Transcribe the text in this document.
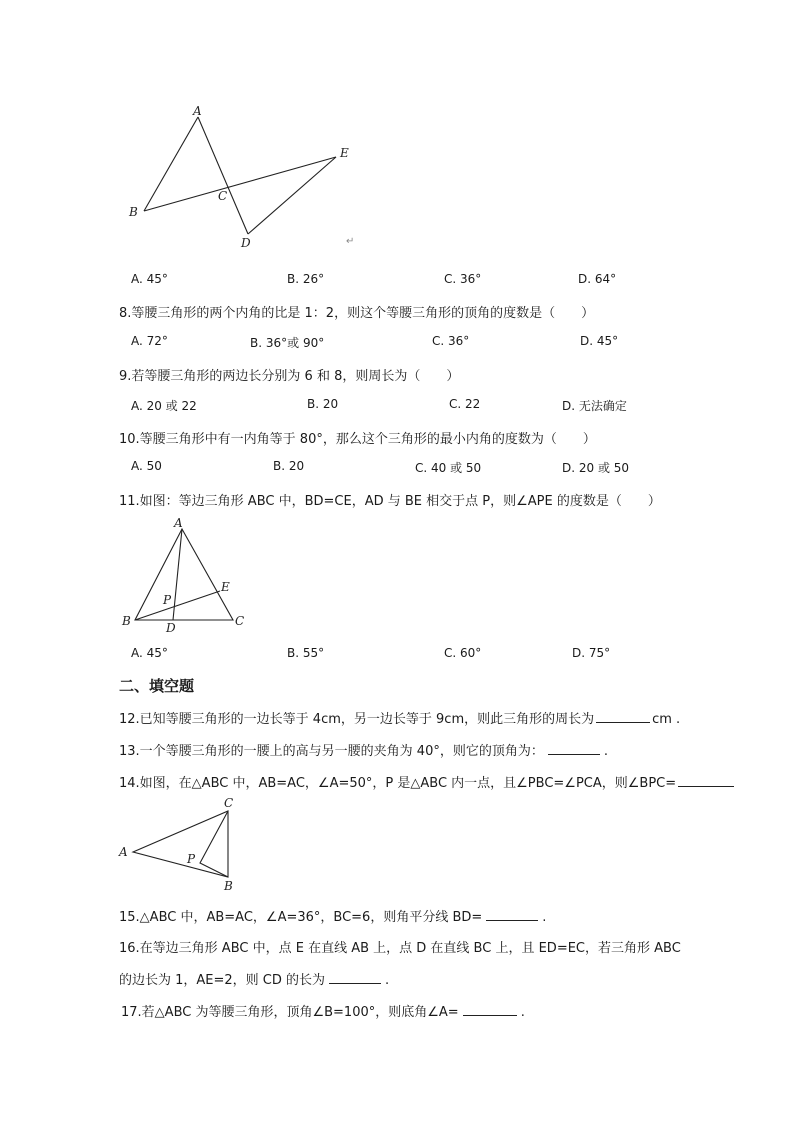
A
B
C
D
E
↵
A. 45°	B. 26°	C. 36°	D. 64°
8.等腰三角形的两个内角的比是 1：2，则这个等腰三角形的顶角的度数是（　　）
A. 72°	B. 36°或 90°	C. 36°	D. 45°
9.若等腰三角形的两边长分别为 6 和 8，则周长为（　　）
A. 20 或 22	B. 20	C. 22	D. 无法确定
10.等腰三角形中有一内角等于 80°，那么这个三角形的最小内角的度数为（　　）
A. 50	B. 20	C. 40 或 50	D. 20 或 50
11.如图：等边三角形 ABC 中，BD=CE，AD 与 BE 相交于点 P，则∠APE 的度数是（　　）
A
B	C
D
E
P
A. 45°	B. 55°	C. 60°	D. 75°
二、填空题
12.已知等腰三角形的一边长等于 4cm，另一边长等于 9cm，则此三角形的周长为	cm .
13.一个等腰三角形的一腰上的高与另一腰的夹角为 40°，则它的顶角为：	.
14.如图，在△ABC 中，AB=AC，∠A=50°，P 是△ABC 内一点，且∠PBC=∠PCA，则∠BPC=
A
B
C
P
15.△ABC 中，AB=AC，∠A=36°，BC=6，则角平分线 BD=	.
16.在等边三角形 ABC 中，点 E 在直线 AB 上，点 D 在直线 BC 上，且 ED=EC，若三角形 ABC
的边长为 1，AE=2，则 CD 的长为	.
17.若△ABC 为等腰三角形，顶角∠B=100°，则底角∠A=	.
